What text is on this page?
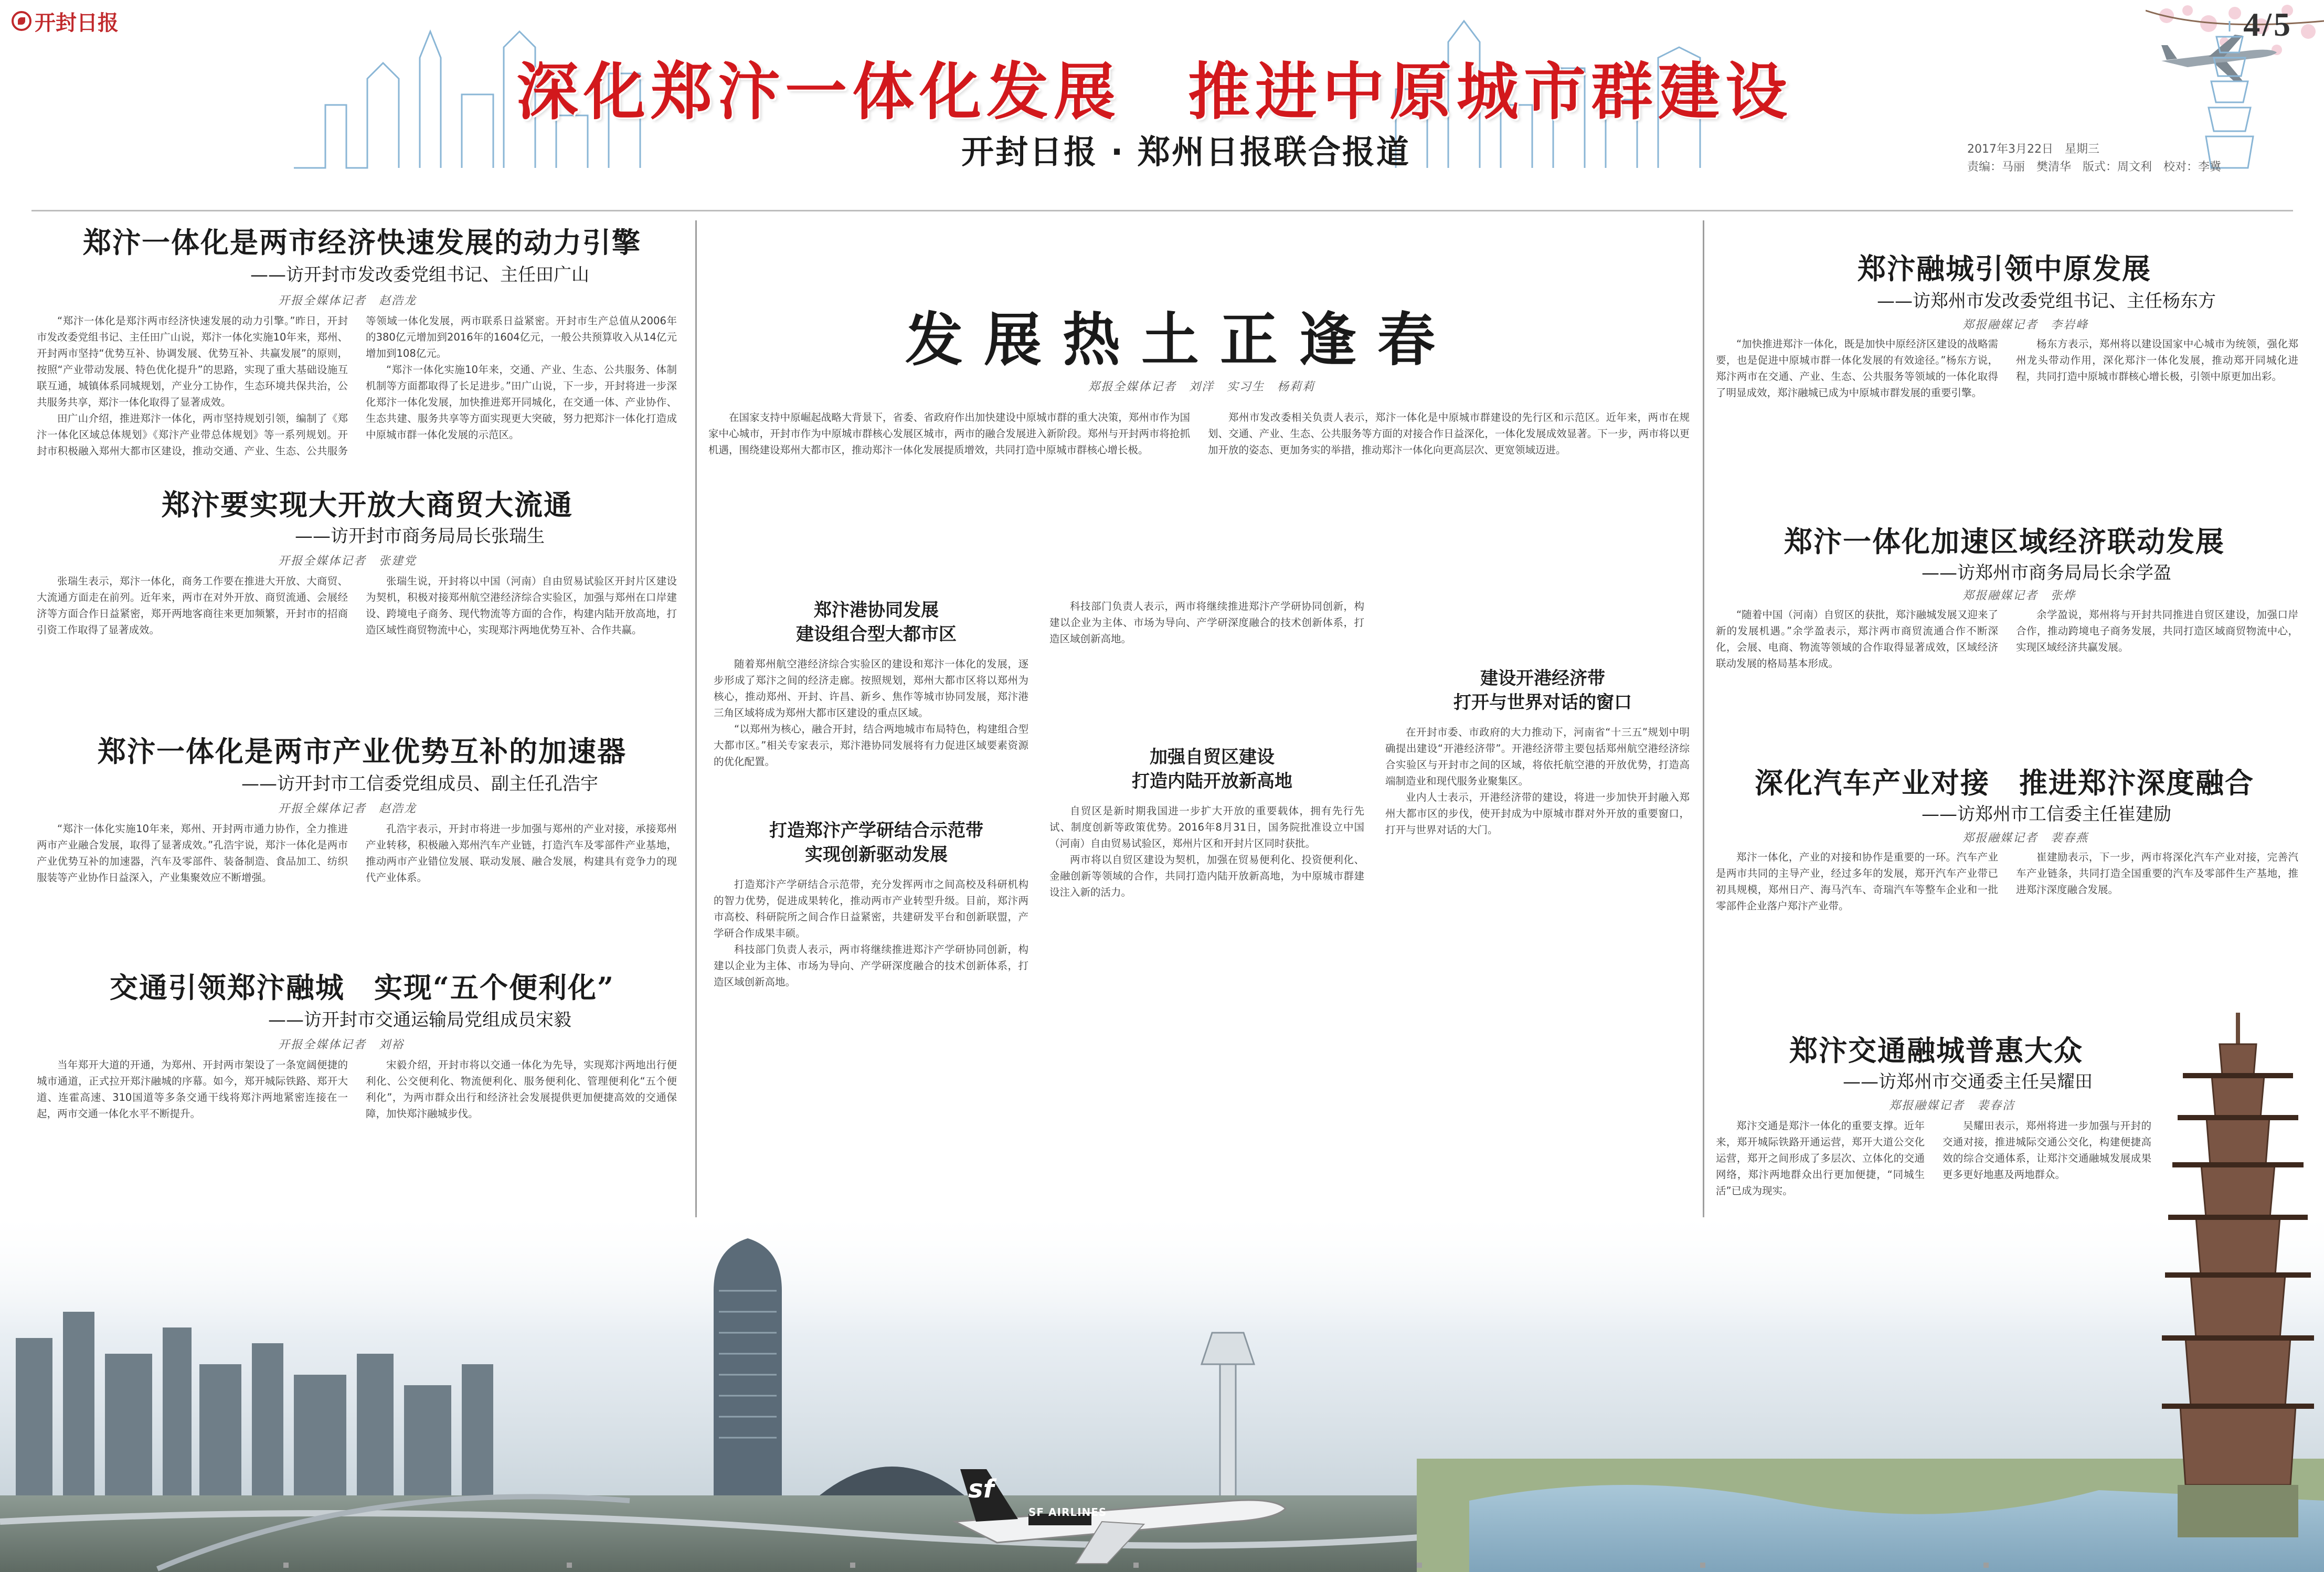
开封日报	4/5
深化郑汴一体化发展　推进中原城市群建设
开封日报 · 郑州日报联合报道	2017年3月22日　星期三
责编：马丽　樊清华　版式：周文利　校对：李冀
郑汴一体化是两市经济快速发展的动力引擎
——访开封市发改委党组书记、主任田广山
开报全媒体记者　赵浩龙

“郑汴一体化是郑汴两市经济快速发展的动力引擎。”昨日，开封市发改委党组书记、主任田广山说，郑汴一体化实施10年来，郑州、开封两市坚持“优势互补、协调发展、优势互补、共赢发展”的原则，按照“产业带动发展、特色优化提升”的思路，实现了重大基础设施互联互通，城镇体系同城规划，产业分工协作，生态环境共保共治，公共服务共享，郑汴一体化取得了显著成效。

田广山介绍，推进郑汴一体化，两市坚持规划引领，编制了《郑汴一体化区域总体规划》《郑汴产业带总体规划》等一系列规划。开封市积极融入郑州大都市区建设，推动交通、产业、生态、公共服务等领域一体化发展，两市联系日益紧密。开封市生产总值从2006年的380亿元增加到2016年的1604亿元，一般公共预算收入从14亿元增加到108亿元。

“郑汴一体化实施10年来，交通、产业、生态、公共服务、体制机制等方面都取得了长足进步。”田广山说，下一步，开封将进一步深化郑汴一体化发展，加快推进郑开同城化，在交通一体、产业协作、生态共建、服务共享等方面实现更大突破，努力把郑汴一体化打造成中原城市群一体化发展的示范区。

郑汴要实现大开放大商贸大流通
——访开封市商务局局长张瑞生
开报全媒体记者　张建党

张瑞生表示，郑汴一体化，商务工作要在推进大开放、大商贸、大流通方面走在前列。近年来，两市在对外开放、商贸流通、会展经济等方面合作日益紧密，郑开两地客商往来更加频繁，开封市的招商引资工作取得了显著成效。

张瑞生说，开封将以中国（河南）自由贸易试验区开封片区建设为契机，积极对接郑州航空港经济综合实验区，加强与郑州在口岸建设、跨境电子商务、现代物流等方面的合作，构建内陆开放高地，打造区域性商贸物流中心，实现郑汴两地优势互补、合作共赢。

郑汴一体化是两市产业优势互补的加速器
——访开封市工信委党组成员、副主任孔浩宇
开报全媒体记者　赵浩龙

“郑汴一体化实施10年来，郑州、开封两市通力协作，全力推进两市产业融合发展，取得了显著成效。”孔浩宇说，郑汴一体化是两市产业优势互补的加速器，汽车及零部件、装备制造、食品加工、纺织服装等产业协作日益深入，产业集聚效应不断增强。

孔浩宇表示，开封市将进一步加强与郑州的产业对接，承接郑州产业转移，积极融入郑州汽车产业链，打造汽车及零部件产业基地，推动两市产业错位发展、联动发展、融合发展，构建具有竞争力的现代产业体系。

交通引领郑汴融城　实现“五个便利化”
——访开封市交通运输局党组成员宋毅
开报全媒体记者　刘裕

当年郑开大道的开通，为郑州、开封两市架设了一条宽阔便捷的城市通道，正式拉开郑汴融城的序幕。如今，郑开城际铁路、郑开大道、连霍高速、310国道等多条交通干线将郑汴两地紧密连接在一起，两市交通一体化水平不断提升。

宋毅介绍，开封市将以交通一体化为先导，实现郑汴两地出行便利化、公交便利化、物流便利化、服务便利化、管理便利化“五个便利化”，为两市群众出行和经济社会发展提供更加便捷高效的交通保障，加快郑汴融城步伐。

发展热土正逢春
郑报全媒体记者　刘洋　实习生　杨莉莉

在国家支持中原崛起战略大背景下，省委、省政府作出加快建设中原城市群的重大决策，郑州市作为国家中心城市，开封市作为中原城市群核心发展区城市，两市的融合发展进入新阶段。郑州与开封两市将抢抓机遇，围绕建设郑州大都市区，推动郑汴一体化发展提质增效，共同打造中原城市群核心增长极。

郑州市发改委相关负责人表示，郑汴一体化是中原城市群建设的先行区和示范区。近年来，两市在规划、交通、产业、生态、公共服务等方面的对接合作日益深化，一体化发展成效显著。下一步，两市将以更加开放的姿态、更加务实的举措，推动郑汴一体化向更高层次、更宽领域迈进。

郑汴港协同发展
建设组合型大都市区

随着郑州航空港经济综合实验区的建设和郑汴一体化的发展，逐步形成了郑汴之间的经济走廊。按照规划，郑州大都市区将以郑州为核心，推动郑州、开封、许昌、新乡、焦作等城市协同发展，郑汴港三角区域将成为郑州大都市区建设的重点区域。

“以郑州为核心，融合开封，结合两地城市布局特色，构建组合型大都市区。”相关专家表示，郑汴港协同发展将有力促进区域要素资源的优化配置。

打造郑汴产学研结合示范带
实现创新驱动发展

打造郑汴产学研结合示范带，充分发挥两市之间高校及科研机构的智力优势，促进成果转化，推动两市产业转型升级。目前，郑汴两市高校、科研院所之间合作日益紧密，共建研发平台和创新联盟，产学研合作成果丰硕。

科技部门负责人表示，两市将继续推进郑汴产学研协同创新，构建以企业为主体、市场为导向、产学研深度融合的技术创新体系，打造区域创新高地。

科技部门负责人表示，两市将继续推进郑汴产学研协同创新，构建以企业为主体、市场为导向、产学研深度融合的技术创新体系，打造区域创新高地。

加强自贸区建设
打造内陆开放新高地

自贸区是新时期我国进一步扩大开放的重要载体，拥有先行先试、制度创新等政策优势。2016年8月31日，国务院批准设立中国（河南）自由贸易试验区，郑州片区和开封片区同时获批。

两市将以自贸区建设为契机，加强在贸易便利化、投资便利化、金融创新等领域的合作，共同打造内陆开放新高地，为中原城市群建设注入新的活力。

建设开港经济带
打开与世界对话的窗口

在开封市委、市政府的大力推动下，河南省“十三五”规划中明确提出建设“开港经济带”。开港经济带主要包括郑州航空港经济综合实验区与开封市之间的区域，将依托航空港的开放优势，打造高端制造业和现代服务业聚集区。

业内人士表示，开港经济带的建设，将进一步加快开封融入郑州大都市区的步伐，使开封成为中原城市群对外开放的重要窗口，打开与世界对话的大门。

郑汴融城引领中原发展
——访郑州市发改委党组书记、主任杨东方
郑报融媒记者　李岩峰

“加快推进郑汴一体化，既是加快中原经济区建设的战略需要，也是促进中原城市群一体化发展的有效途径。”杨东方说，郑汴两市在交通、产业、生态、公共服务等领域的一体化取得了明显成效，郑汴融城已成为中原城市群发展的重要引擎。

杨东方表示，郑州将以建设国家中心城市为统领，强化郑州龙头带动作用，深化郑汴一体化发展，推动郑开同城化进程，共同打造中原城市群核心增长极，引领中原更加出彩。

郑汴一体化加速区域经济联动发展
——访郑州市商务局局长余学盈
郑报融媒记者　张烨

“随着中国（河南）自贸区的获批，郑汴融城发展又迎来了新的发展机遇。”余学盈表示，郑汴两市商贸流通合作不断深化，会展、电商、物流等领域的合作取得显著成效，区域经济联动发展的格局基本形成。

余学盈说，郑州将与开封共同推进自贸区建设，加强口岸合作，推动跨境电子商务发展，共同打造区域商贸物流中心，实现区域经济共赢发展。

深化汽车产业对接　推进郑汴深度融合
——访郑州市工信委主任崔建励
郑报融媒记者　裴春燕

郑汴一体化，产业的对接和协作是重要的一环。汽车产业是两市共同的主导产业，经过多年的发展，郑开汽车产业带已初具规模，郑州日产、海马汽车、奇瑞汽车等整车企业和一批零部件企业落户郑汴产业带。

崔建励表示，下一步，两市将深化汽车产业对接，完善汽车产业链条，共同打造全国重要的汽车及零部件生产基地，推进郑汴深度融合发展。

郑汴交通融城普惠大众
——访郑州市交通委主任吴耀田
郑报融媒记者　裴春洁

郑汴交通是郑汴一体化的重要支撑。近年来，郑开城际铁路开通运营，郑开大道公交化运营，郑开之间形成了多层次、立体化的交通网络，郑汴两地群众出行更加便捷，“同城生活”已成为现实。

吴耀田表示，郑州将进一步加强与开封的交通对接，推进城际交通公交化，构建便捷高效的综合交通体系，让郑汴交通融城发展成果更多更好地惠及两地群众。

SF AIRLINES
sf
